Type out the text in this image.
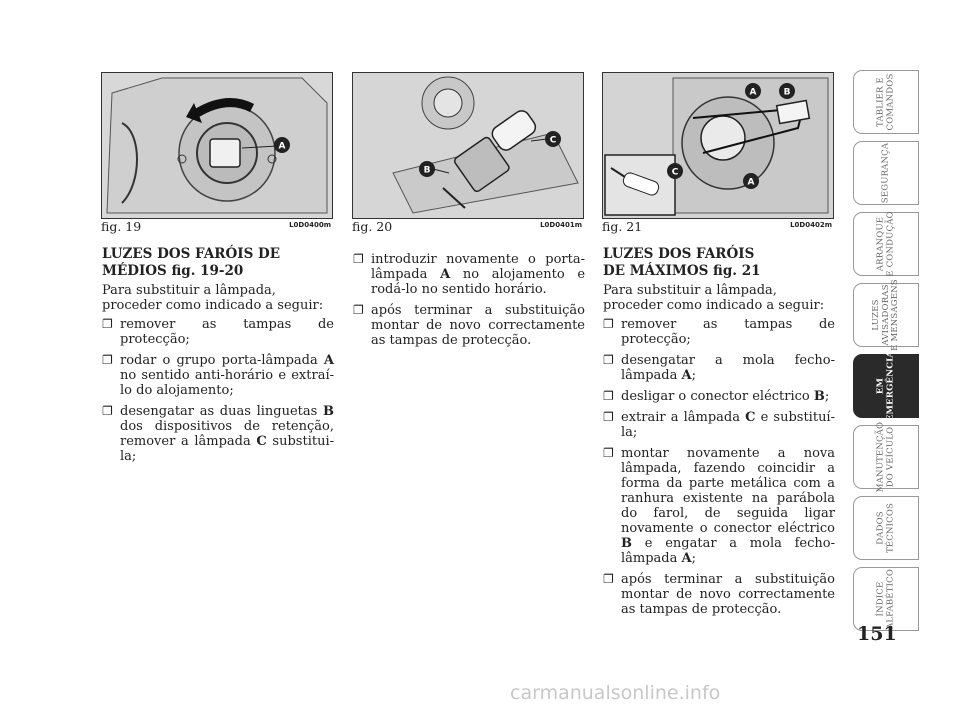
A
fig. 19	L0D0400m
C
B
fig. 20	L0D0401m
A	B
C
A
fig. 21	L0D0402m
LUZES DOS FARÓIS DE
MÉDIOS fig. 19-20

Para substituir a lâmpada, proceder como indicado a seguir:

❐ remover as tampas de protecção;
❐ rodar o grupo porta-lâmpada A no sentido anti-horário e extraí-lo do alojamento;
❐ desengatar as duas linguetas B dos dispositivos de retenção, remover a lâmpada C substitui-la;
❐ introduzir novamente o porta-lâmpada A no alojamento e rodá-lo no sentido horário.
❐ após terminar a substituição montar de novo correctamente as tampas de protecção.
LUZES DOS FARÓIS
DE MÁXIMOS fig. 21

Para substituir a lâmpada, proceder como indicado a seguir:

❐ remover as tampas de protecção;
❐ desengatar a mola fecho-lâmpada A;
❐ desligar o conector eléctrico B;
❐ extrair a lâmpada C e substituí-la;
❐ montar novamente a nova lâmpada, fazendo coincidir a forma da parte metálica com a ranhura existente na parábola do farol, de seguida ligar novamente o conector eléctrico B e engatar a mola fecho-lâmpada A;
❐ após terminar a substituição montar de novo correctamente as tampas de protecção.
TABLIER E
COMANDOS
SEGURANÇA
ARRANQUE
E CONDUÇÃO
LUZES
AVISADORAS
E MENSAGENS
EM
EMERGÊNCIA
MANUTENÇÃO
DO VEÍCULO
DADOS
TÉCNICOS
ÍNDICE
ALFABÉTICO
151
carmanualsonline.info
